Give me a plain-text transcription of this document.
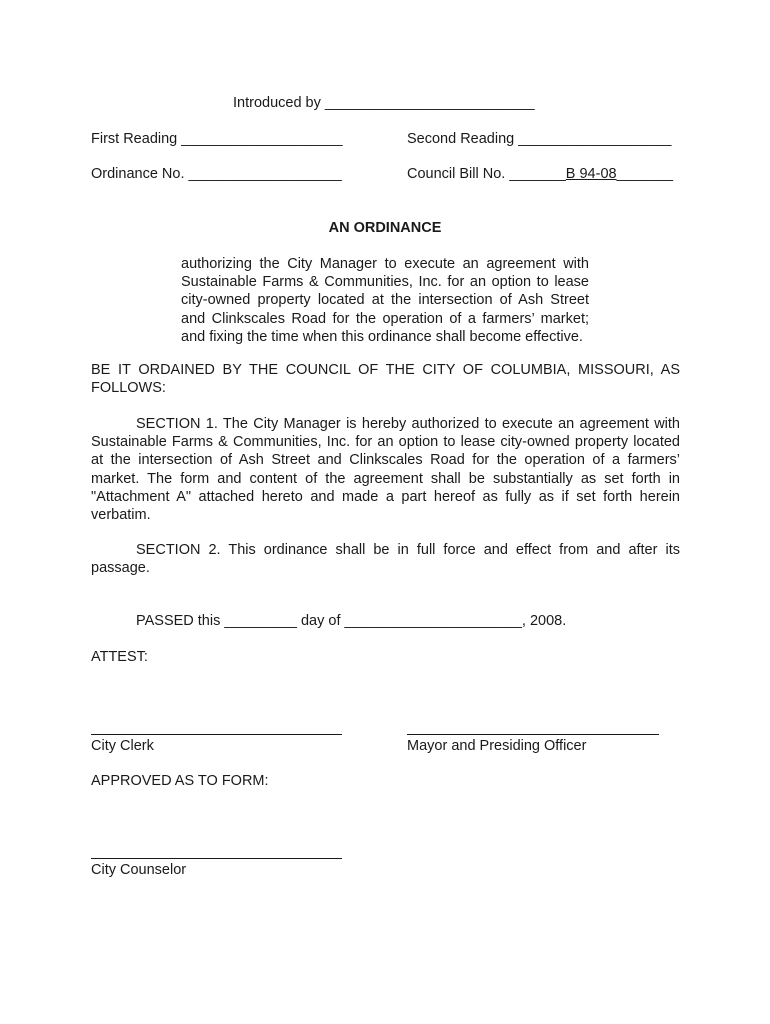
Introduced by __________________________
First Reading ____________________	Second Reading ___________________
Ordinance No. ___________________	Council Bill No. _______B 94-08_______
AN ORDINANCE

authorizing the City Manager to execute an agreement with Sustainable Farms & Communities, Inc. for an option to lease city-owned property located at the intersection of Ash Street and Clinkscales Road for the operation of a farmers’ market; and fixing the time when this ordinance shall become effective.

BE IT ORDAINED BY THE COUNCIL OF THE CITY OF COLUMBIA, MISSOURI, AS FOLLOWS:

SECTION 1. The City Manager is hereby authorized to execute an agreement with Sustainable Farms & Communities, Inc. for an option to lease city-owned property located at the intersection of Ash Street and Clinkscales Road for the operation of a farmers’ market. The form and content of the agreement shall be substantially as set forth in "Attachment A" attached hereto and made a part hereof as fully as if set forth herein verbatim.

SECTION 2. This ordinance shall be in full force and effect from and after its passage.

PASSED this _________ day of ______________________, 2008.
ATTEST:
City Clerk	Mayor and Presiding Officer
APPROVED AS TO FORM:
City Counselor
